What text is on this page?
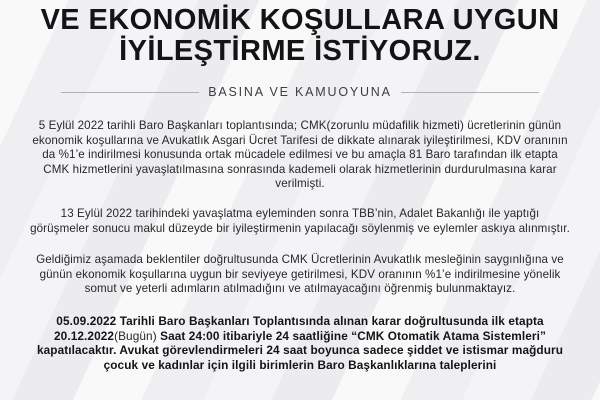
VE EKONOMİK KOŞULLARA UYGUN
İYİLEŞTİRME İSTİYORUZ.
BASINA VE KAMUOYUNA

5 Eylül 2022 tarihli Baro Başkanları toplantısında; CMK(zorunlu müdafilik hizmeti) ücretlerinin günün ekonomik koşullarına ve Avukatlık Asgari Ücret Tarifesi de dikkate alınarak iyileştirilmesi, KDV oranının da %1’e indirilmesi konusunda ortak mücadele edilmesi ve bu amaçla 81 Baro tarafından ilk etapta CMK hizmetlerini yavaşlatılmasına sonrasında kademeli olarak hizmetlerinin durdurulmasına karar verilmişti.

13 Eylül 2022 tarihindeki yavaşlatma eyleminden sonra TBB’nin, Adalet Bakanlığı ile yaptığı görüşmeler sonucu makul düzeyde bir iyileştirmenin yapılacağı söylenmiş ve eylemler askıya alınmıştır.

Geldiğimiz aşamada beklentiler doğrultusunda CMK Ücretlerinin Avukatlık mesleğinin saygınlığına ve günün ekonomik koşullarına uygun bir seviyeye getirilmesi, KDV oranının %1’e indirilmesine yönelik somut ve yeterli adımların atılmadığını ve atılmayacağını öğrenmiş bulunmaktayız.

05.09.2022 Tarihli Baro Başkanları Toplantısında alınan karar doğrultusunda ilk etapta 20.12.2022(Bugün) Saat 24:00 itibariyle 24 saatliğine “CMK Otomatik Atama Sistemleri” kapatılacaktır. Avukat görevlendirmeleri 24 saat boyunca sadece şiddet ve istismar mağduru çocuk ve kadınlar için ilgili birimlerin Baro Başkanlıklarına taleplerini
